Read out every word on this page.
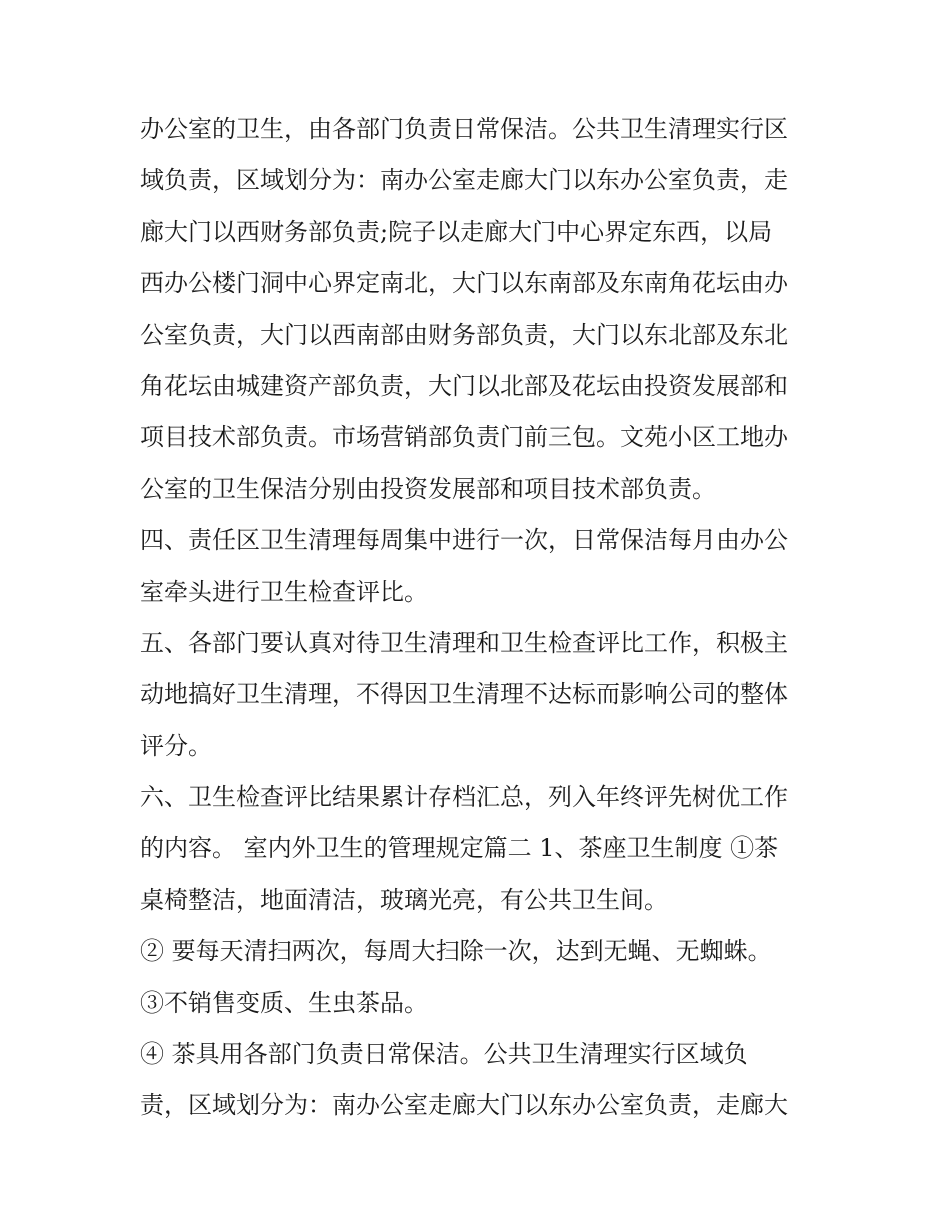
办公室的卫生，由各部门负责日常保洁。公共卫生清理实行区
域负责，区域划分为：南办公室走廊大门以东办公室负责，走
廊大门以西财务部负责;院子以走廊大门中心界定东西，以局
西办公楼门洞中心界定南北，大门以东南部及东南角花坛由办
公室负责，大门以西南部由财务部负责，大门以东北部及东北
角花坛由城建资产部负责，大门以北部及花坛由投资发展部和
项目技术部负责。市场营销部负责门前三包。文苑小区工地办
公室的卫生保洁分别由投资发展部和项目技术部负责。
四、责任区卫生清理每周集中进行一次，日常保洁每月由办公
室牵头进行卫生检查评比。
五、各部门要认真对待卫生清理和卫生检查评比工作，积极主
动地搞好卫生清理，不得因卫生清理不达标而影响公司的整体
评分。
六、卫生检查评比结果累计存档汇总，列入年终评先树优工作
的内容。 室内外卫生的管理规定篇二 1、茶座卫生制度 ①茶
桌椅整洁，地面清洁，玻璃光亮，有公共卫生间。
② 要每天清扫两次，每周大扫除一次，达到无蝇、无蜘蛛。
③不销售变质、生虫茶品。
④ 茶具用各部门负责日常保洁。公共卫生清理实行区域负
责，区域划分为：南办公室走廊大门以东办公室负责，走廊大
